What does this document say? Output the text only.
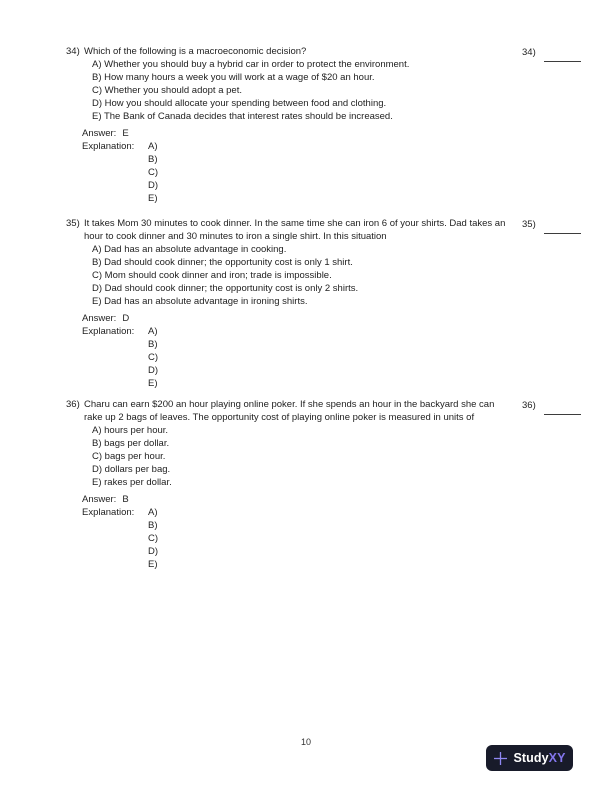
34) Which of the following is a macroeconomic decision?
A) Whether you should buy a hybrid car in order to protect the environment.
B) How many hours a week you will work at a wage of $20 an hour.
C) Whether you should adopt a pet.
D) How you should allocate your spending between food and clothing.
E) The Bank of Canada decides that interest rates should be increased.
Answer: E
Explanation: A)
B)
C)
D)
E)
34)
35) It takes Mom 30 minutes to cook dinner. In the same time she can iron 6 of your shirts. Dad takes an
hour to cook dinner and 30 minutes to iron a single shirt. In this situation
A) Dad has an absolute advantage in cooking.
B) Dad should cook dinner; the opportunity cost is only 1 shirt.
C) Mom should cook dinner and iron; trade is impossible.
D) Dad should cook dinner; the opportunity cost is only 2 shirts.
E) Dad has an absolute advantage in ironing shirts.
Answer: D
Explanation: A)
B)
C)
D)
E)
35)
36) Charu can earn $200 an hour playing online poker. If she spends an hour in the backyard she can
rake up 2 bags of leaves. The opportunity cost of playing online poker is measured in units of
A) hours per hour.
B) bags per dollar.
C) bags per hour.
D) dollars per bag.
E) rakes per dollar.
Answer: B
Explanation: A)
B)
C)
D)
E)
36)
10
StudyXY
